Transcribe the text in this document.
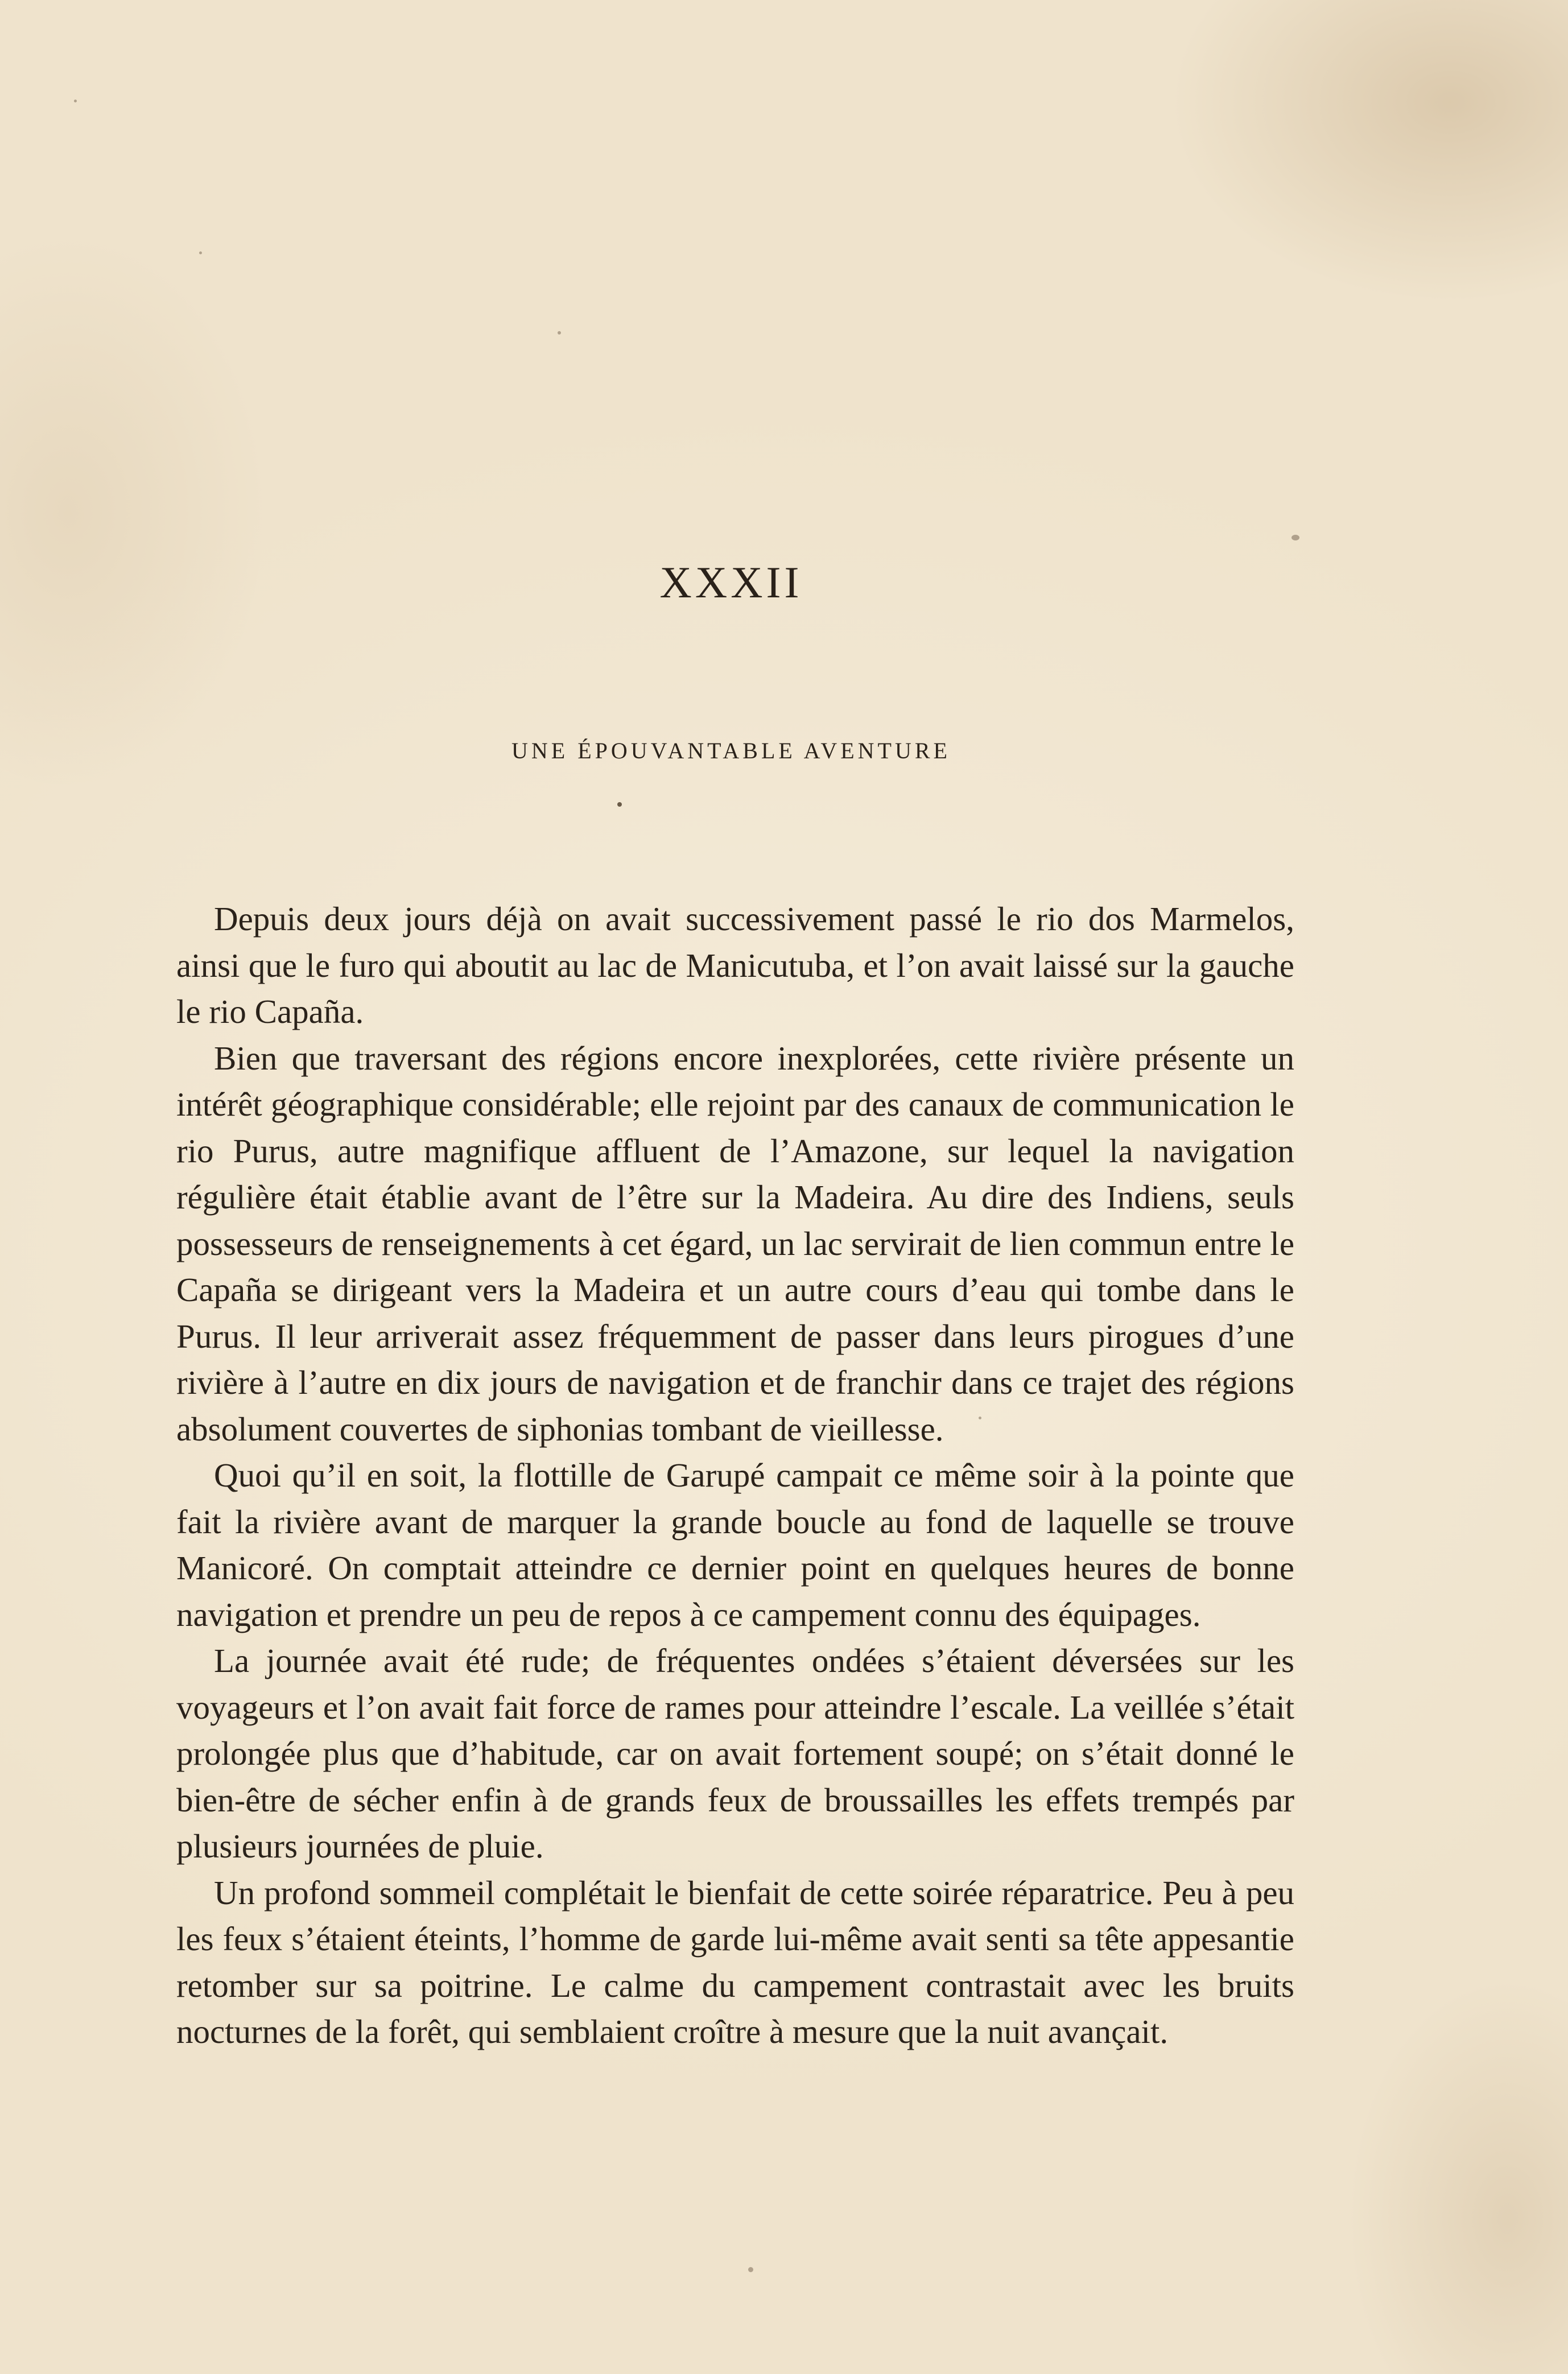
XXXII
UNE ÉPOUVANTABLE AVENTURE

Depuis deux jours déjà on avait successivement passé le rio dos Marmelos, ainsi que le furo qui aboutit au lac de Manicutuba, et l’on avait laissé sur la gauche le rio Capaña.

Bien que traversant des régions encore inexplorées, cette rivière présente un intérêt géographique considérable; elle rejoint par des canaux de communication le rio Purus, autre magnifique affluent de l’Amazone, sur lequel la navigation régulière était établie avant de l’être sur la Madeira. Au dire des Indiens, seuls possesseurs de renseignements à cet égard, un lac servirait de lien commun entre le Capaña se dirigeant vers la Madeira et un autre cours d’eau qui tombe dans le Purus. Il leur arriverait assez fréquemment de passer dans leurs pirogues d’une rivière à l’autre en dix jours de navigation et de franchir dans ce trajet des régions absolument couvertes de siphonias tombant de vieillesse.

Quoi qu’il en soit, la flottille de Garupé campait ce même soir à la pointe que fait la rivière avant de marquer la grande boucle au fond de laquelle se trouve Manicoré. On comptait atteindre ce dernier point en quelques heures de bonne navigation et prendre un peu de repos à ce campement connu des équipages.

La journée avait été rude; de fréquentes ondées s’étaient déversées sur les voyageurs et l’on avait fait force de rames pour atteindre l’escale. La veillée s’était prolongée plus que d’habitude, car on avait fortement soupé; on s’était donné le bien-être de sécher enfin à de grands feux de broussailles les effets trempés par plusieurs journées de pluie.

Un profond sommeil complétait le bienfait de cette soirée réparatrice. Peu à peu les feux s’étaient éteints, l’homme de garde lui-même avait senti sa tête appesantie retomber sur sa poitrine. Le calme du campement contrastait avec les bruits nocturnes de la forêt, qui semblaient croître à mesure que la nuit avançait.
